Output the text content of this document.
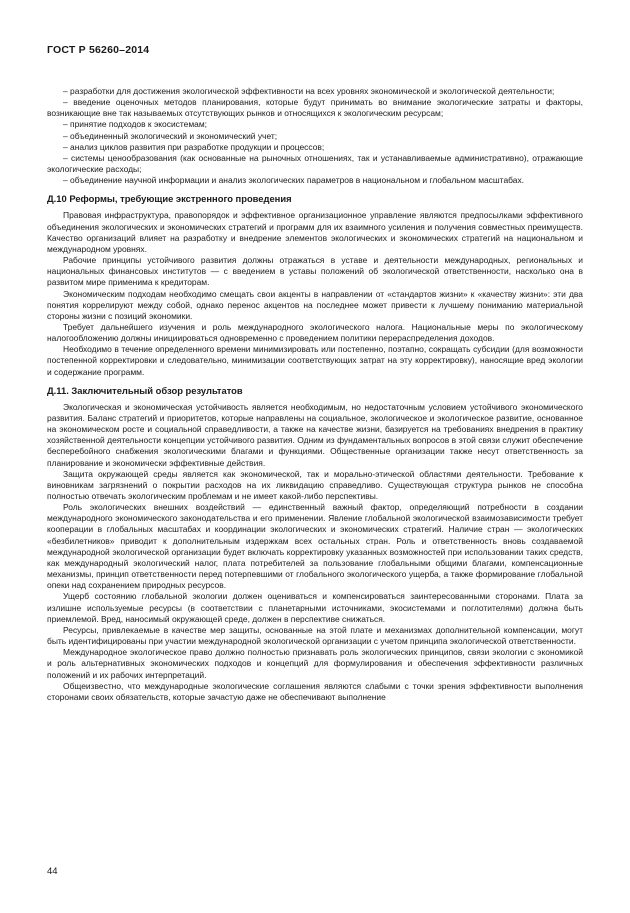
ГОСТ Р 56260–2014

– разработки для достижения экологической эффективности на всех уровнях экономической и экологической деятельности;

– введение оценочных методов планирования, которые будут принимать во внимание экологические затраты и факторы, возникающие вне так называемых отсутствующих рынков и относящихся к экологическим ресурсам;

– принятие подходов к экосистемам;

– объединенный экологический и экономический учет;

– анализ циклов развития при разработке продукции и процессов;

– системы ценообразования (как основанные на рыночных отношениях, так и устанавливаемые административно), отражающие экологические расходы;

– объединение научной информации и анализ экологических параметров в национальном и глобальном масштабах.

Д.10 Реформы, требующие экстренного проведения

Правовая инфраструктура, правопорядок и эффективное организационное управление являются предпосылками эффективного объединения экологических и экономических стратегий и программ для их взаимного усиления и получения совместных преимуществ. Качество организаций влияет на разработку и внедрение элементов экологических и экономических стратегий на национальном и международном уровнях.

Рабочие принципы устойчивого развития должны отражаться в уставе и деятельности международных, региональных и национальных финансовых институтов — с введением в уставы положений об экологической ответственности, насколько она в развитом мире применима к кредиторам.

Экономическим подходам необходимо смещать свои акценты в направлении от «стандартов жизни» к «качеству жизни»: эти два понятия коррелируют между собой, однако перенос акцентов на последнее может привести к лучшему пониманию материальной стороны жизни с позиций экономики.

Требует дальнейшего изучения и роль международного экологического налога. Национальные меры по экологическому налогообложению должны инициироваться одновременно с проведением политики перераспределения доходов.

Необходимо в течение определенного времени минимизировать или постепенно, поэтапно, сокращать субсидии (для возможности постепенной корректировки и следовательно, минимизации соответствующих затрат на эту корректировку), наносящие вред экологии и содержание программ.

Д.11. Заключительный обзор результатов

Экологическая и экономическая устойчивость является необходимым, но недостаточным условием устойчивого экономического развития. Баланс стратегий и приоритетов, которые направлены на социальное, экологическое и экологическое развитие, основанное на экономическом росте и социальной справедливости, а также на качестве жизни, базируется на требованиях внедрения в практику хозяйственной деятельности концепции устойчивого развития. Одним из фундаментальных вопросов в этой связи служит обеспечение бесперебойного снабжения экологическими благами и функциями. Общественные организации также несут ответственность за планирование и экономически эффективные действия.

Защита окружающей среды является как экономической, так и морально-этической областями деятельности. Требование к виновникам загрязнений о покрытии расходов на их ликвидацию справедливо. Существующая структура рынков не способна полностью отвечать экологическим проблемам и не имеет какой-либо перспективы.

Роль экологических внешних воздействий — единственный важный фактор, определяющий потребности в создании международного экономического законодательства и его применении. Явление глобальной экологической взаимозависимости требует кооперации в глобальных масштабах и координации экологических и экономических стратегий. Наличие стран — экологических «безбилетников» приводит к дополнительным издержкам всех остальных стран. Роль и ответственность вновь создаваемой международной экологической организации будет включать корректировку указанных возможностей при использовании таких средств, как международный экологический налог, плата потребителей за пользование глобальными общими благами, компенсационные механизмы, принцип ответственности перед потерпевшими от глобального экологического ущерба, а также формирование глобальной опеки над сохранением природных ресурсов.

Ущерб состоянию глобальной экологии должен оцениваться и компенсироваться заинтересованными сторонами. Плата за излишне используемые ресурсы (в соответствии с планетарными источниками, экосистемами и поглотителями) должна быть приемлемой. Вред, наносимый окружающей среде, должен в перспективе снижаться.

Ресурсы, привлекаемые в качестве мер защиты, основанные на этой плате и механизмах дополнительной компенсации, могут быть идентифицированы при участии международной экологической организации с учетом принципа экологической ответственности.

Международное экологическое право должно полностью признавать роль экологических принципов, связи экологии с экономикой и роль альтернативных экономических подходов и концепций для формулирования и обеспечения эффективности различных положений и их рабочих интерпретаций.

Общеизвестно, что международные экологические соглашения являются слабыми с точки зрения эффективности выполнения сторонами своих обязательств, которые зачастую даже не обеспечивают выполнение

44
